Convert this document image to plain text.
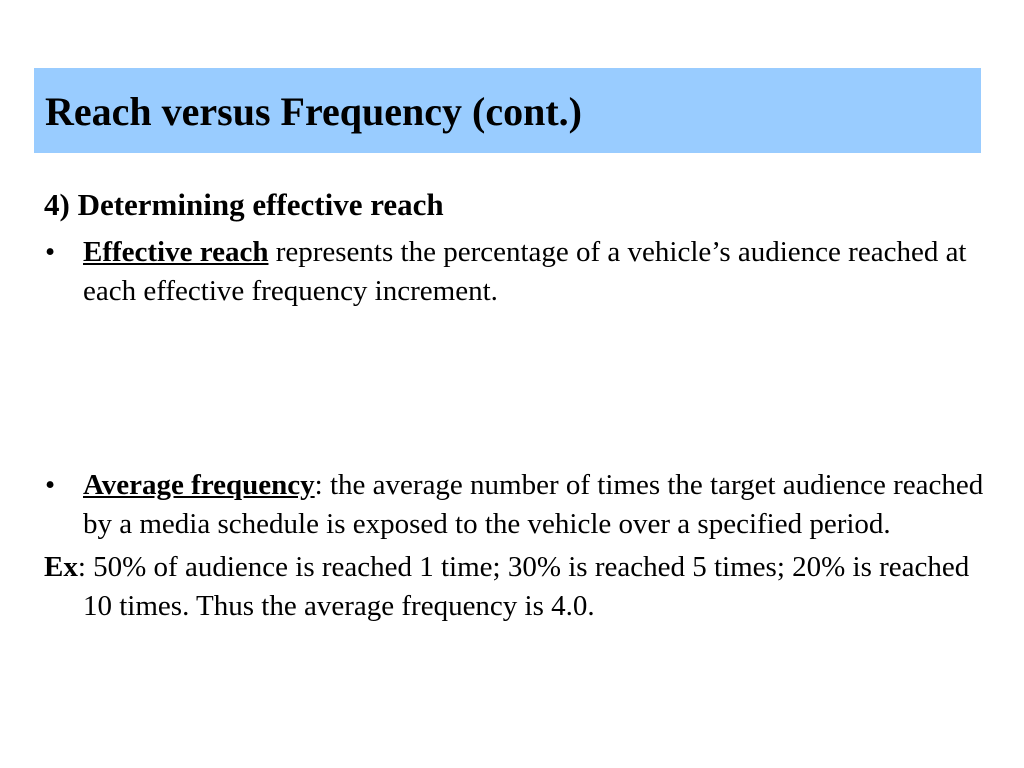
Reach versus Frequency (cont.)
4) Determining effective reach
• Effective reach represents the percentage of a vehicle’s audience reached at each effective frequency increment.
• Average frequency: the average number of times the target audience reached by a media schedule is exposed to the vehicle over a specified period.
Ex: 50% of audience is reached 1 time; 30% is reached 5 times; 20% is reached 10 times. Thus the average frequency is 4.0.
